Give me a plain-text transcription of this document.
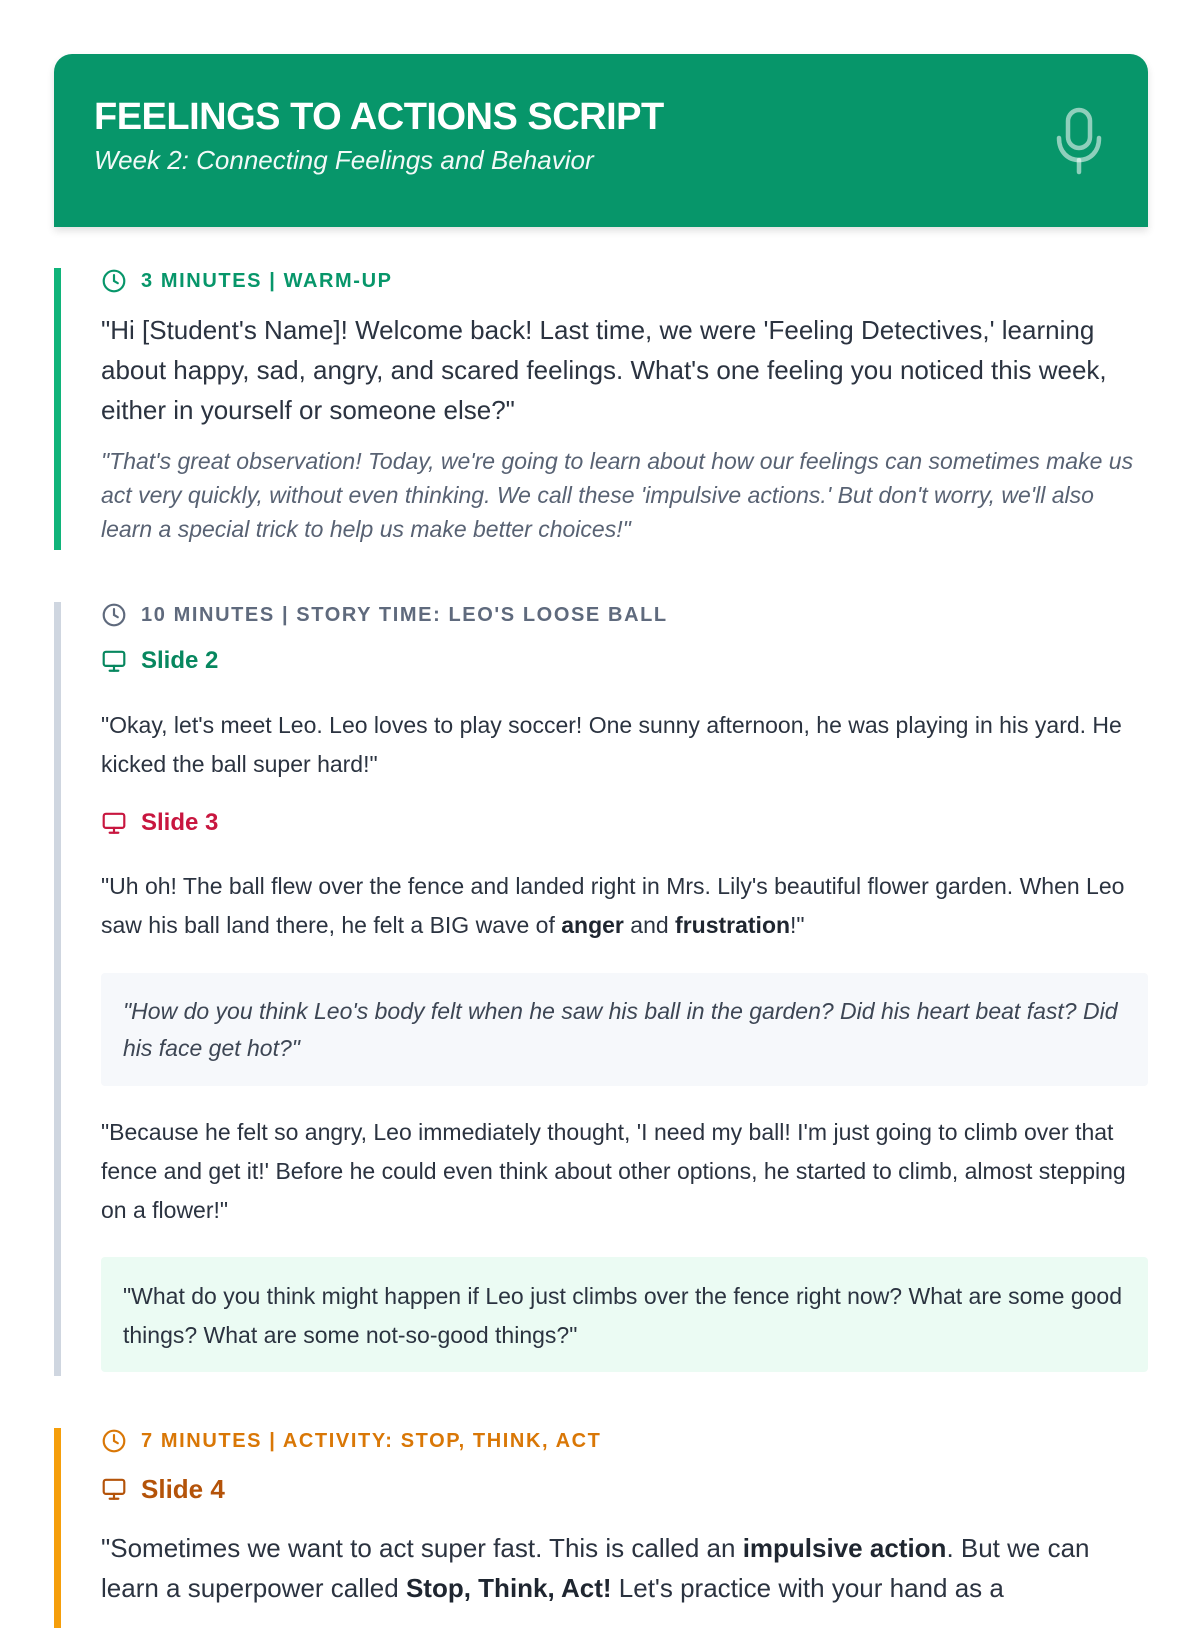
FEELINGS TO ACTIONS SCRIPT
Week 2: Connecting Feelings and Behavior
3 MINUTES | WARM-UP

"Hi [Student's Name]! Welcome back! Last time, we were 'Feeling Detectives,' learning about happy, sad, angry, and scared feelings. What's one feeling you noticed this week, either in yourself or someone else?"

"That's great observation! Today, we're going to learn about how our feelings can sometimes make us act very quickly, without even thinking. We call these 'impulsive actions.' But don't worry, we'll also learn a special trick to help us make better choices!"

10 MINUTES | STORY TIME: LEO'S LOOSE BALL
Slide 2

"Okay, let's meet Leo. Leo loves to play soccer! One sunny afternoon, he was playing in his yard. He kicked the ball super hard!"

Slide 3

"Uh oh! The ball flew over the fence and landed right in Mrs. Lily's beautiful flower garden. When Leo saw his ball land there, he felt a BIG wave of anger and frustration!"

"How do you think Leo's body felt when he saw his ball in the garden? Did his heart beat fast? Did his face get hot?"

"Because he felt so angry, Leo immediately thought, 'I need my ball! I'm just going to climb over that fence and get it!' Before he could even think about other options, he started to climb, almost stepping on a flower!"

"What do you think might happen if Leo just climbs over the fence right now? What are some good things? What are some not-so-good things?"
7 MINUTES | ACTIVITY: STOP, THINK, ACT
Slide 4

"Sometimes we want to act super fast. This is called an impulsive action. But we can learn a superpower called Stop, Think, Act! Let's practice with your hand as a
